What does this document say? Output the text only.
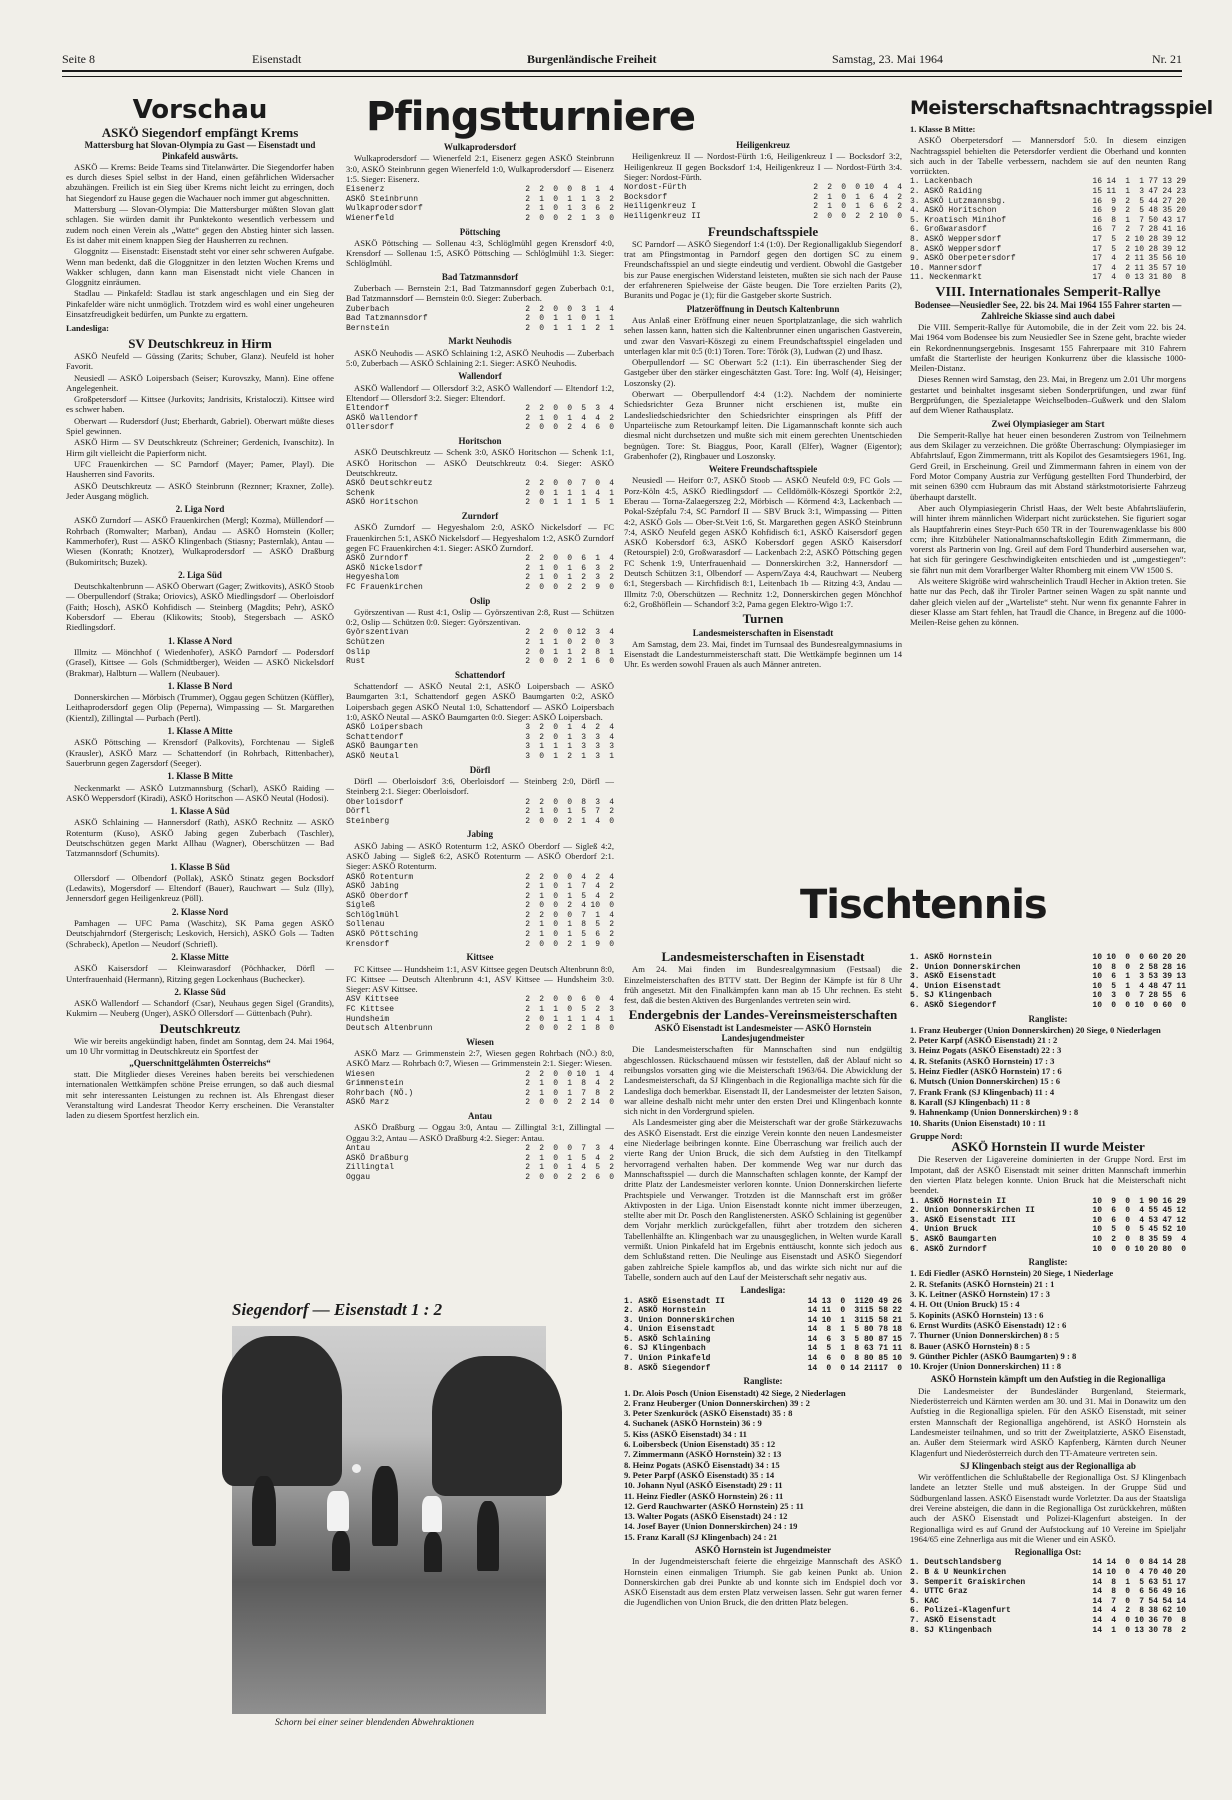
Seite 8	Eisenstadt	Burgenländische Freiheit	Samstag, 23. Mai 1964	Nr. 21
Vorschau
ASKÖ Siegendorf empfängt Krems

Mattersburg hat Slovan-Olympia zu Gast — Eisenstadt und Pinkafeld auswärts.

ASKÖ — Krems: Beide Teams sind Titelanwärter. Die Siegendorfer haben es durch dieses Spiel selbst in der Hand, einen gefährlichen Widersacher abzuhängen. Freilich ist ein Sieg über Krems nicht leicht zu erringen, doch hat Siegendorf zu Hause gegen die Wachauer noch immer gut abgeschnitten.

Mattersburg — Slovan-Olympia: Die Mattersburger müßten Slovan glatt schlagen. Sie würden damit ihr Punktekonto wesentlich verbessern und zudem noch einen Verein als „Watte“ gegen den Abstieg hinter sich lassen. Es ist daher mit einem knappen Sieg der Hausherren zu rechnen.

Gloggnitz — Eisenstadt: Eisenstadt steht vor einer sehr schweren Aufgabe. Wenn man bedenkt, daß die Gloggnitzer in den letzten Wochen Krems und Wakker schlugen, dann kann man Eisenstadt nicht viele Chancen in Gloggnitz einräumen.

Stadlau — Pinkafeld: Stadlau ist stark angeschlagen und ein Sieg der Pinkafelder wäre nicht unmöglich. Trotzdem wird es wohl einer ungeheuren Einsatzfreudigkeit bedürfen, um Punkte zu ergattern.

Landesliga:

SV Deutschkreuz in Hirm

ASKÖ Neufeld — Güssing (Zarits; Schuber, Glanz). Neufeld ist hoher Favorit.

Neusiedl — ASKÖ Loipersbach (Seiser; Kurovszky, Mann). Eine offene Angelegenheit.

Großpetersdorf — Kittsee (Jurkovits; Jandrisits, Kristaloczi). Kittsee wird es schwer haben.

Oberwart — Rudersdorf (Just; Eberhardt, Gabriel). Oberwart müßte dieses Spiel gewinnen.

ASKÖ Hirm — SV Deutschkreutz (Schreiner; Gerdenich, Ivanschitz). In Hirm gilt vielleicht die Papierform nicht.

UFC Frauenkirchen — SC Parndorf (Mayer; Pamer, Playl). Die Hausherren sind Favorits.

ASKÖ Deutschkreutz — ASKÖ Steinbrunn (Reznner; Kraxner, Zolle). Jeder Ausgang möglich.

2. Liga Nord

ASKÖ Zurndorf — ASKÖ Frauenkirchen (Mergl; Kozma), Müllendorf — Rohrbach (Romwalter; Marban), Andau — ASKÖ Hornstein (Koller; Kammerhofer), Rust — ASKÖ Klingenbach (Stiasny; Pasternlak), Antau — Wiesen (Konrath; Knotzer), Wulkaprodersdorf — ASKÖ Draßburg (Bukomiritsch; Buzek).

2. Liga Süd

Deutschkaltenbrunn — ASKÖ Oberwart (Gager; Zwitkovits), ASKÖ Stoob — Oberpullendorf (Straka; Oriovics), ASKÖ Miedlingsdorf — Oberloisdorf (Faith; Hosch), ASKÖ Kohfidisch — Steinberg (Magdits; Pehr), ASKÖ Kobersdorf — Eberau (Klikowits; Stoob), Stegersbach — ASKÖ Riedlingsdorf.

1. Klasse A Nord

Illmitz — Mönchhof ( Wiedenhofer), ASKÖ Parndorf — Podersdorf (Grasel), Kittsee — Gols (Schmidtberger), Weiden — ASKÖ Nickelsdorf (Brakmar), Halbturn — Wallern (Neubauer).

1. Klasse B Nord

Donnerskirchen — Mörbisch (Trummer), Oggau gegen Schützen (Küffler), Leithaprodersdorf gegen Olip (Peperna), Wimpassing — St. Margarethen (Kientzl), Zillingtal — Purbach (Pertl).

1. Klasse A Mitte

ASKÖ Pöttsching — Krensdorf (Palkovits), Forchtenau — Sigleß (Krausler), ASKÖ Marz — Schattendorf (in Rohrbach, Rittenbacher), Sauerbrunn gegen Zagersdorf (Seeger).

1. Klasse B Mitte

Neckenmarkt — ASKÖ Lutzmannsburg (Scharl), ASKÖ Raiding — ASKÖ Weppersdorf (Kiradi), ASKÖ Horitschon — ASKÖ Neutal (Hodosi).

1. Klasse A Süd

ASKÖ Schlaining — Hannersdorf (Rath), ASKÖ Rechnitz — ASKÖ Rotenturm (Kuso), ASKÖ Jabing gegen Zuberbach (Taschler), Deutschschützen gegen Markt Allhau (Wagner), Oberschützen — Bad Tatzmannsdorf (Schumits).

1. Klasse B Süd

Ollersdorf — Olbendorf (Pollak), ASKÖ Stinatz gegen Bocksdorf (Ledawits), Mogersdorf — Eltendorf (Bauer), Rauchwart — Sulz (Illy), Jennersdorf gegen Heiligenkreuz (Pöll).

2. Klasse Nord

Pamhagen — UFC Pama (Waschitz), SK Pama gegen ASKÖ Deutschjahrndorf (Stergerisch; Leskovich, Hersich), ASKÖ Gols — Tadten (Schrabeck), Apetlon — Neudorf (Schriefl).

2. Klasse Mitte

ASKÖ Kaisersdorf — Kleinwarasdorf (Pöchhacker, Dörfl — Unterfrauenhaid (Hermann), Ritzing gegen Lockenhaus (Buchecker).

2. Klasse Süd

ASKÖ Wallendorf — Schandorf (Csar), Neuhaus gegen Sigel (Grandits), Kukmirn — Neuberg (Unger), ASKÖ Ollersdorf — Güttenbach (Puhr).

Deutschkreutz

Wie wir bereits angekündigt haben, findet am Sonntag, dem 24. Mai 1964, um 10 Uhr vormittag in Deutschkreutz ein Sportfest der

„Querschnittgelähmten Österreichs“

statt. Die Mitglieder dieses Vereines haben bereits bei verschiedenen internationalen Wettkämpfen schöne Preise errungen, so daß auch diesmal mit sehr interessanten Leistungen zu rechnen ist. Als Ehrengast dieser Veranstaltung wird Landesrat Theodor Kerry erscheinen. Die Veranstalter laden zu diesem Sportfest herzlich ein.

Pfingstturniere
Wulkaprodersdorf

Wulkaprodersdorf — Wienerfeld 2:1, Eisenerz gegen ASKÖ Steinbrunn 3:0, ASKÖ Steinbrunn gegen Wienerfeld 1:0, Wulkaprodersdorf — Eisenerz 1:5. Sieger: Eisenerz.

Eisenerz	2	2	0	0	8	1	4
ASKÖ Steinbrunn	2	1	0	1	1	3	2
Wulkaprodersdorf	2	1	0	1	3	6	2
Wienerfeld	2	0	0	2	1	3	0
Pöttsching

ASKÖ Pöttsching — Sollenau 4:3, Schlöglmühl gegen Krensdorf 4:0, Krensdorf — Sollenau 1:5, ASKÖ Pöttsching — Schlöglmühl 1:3. Sieger: Schlöglmühl.

Bad Tatzmannsdorf

Zuberbach — Bernstein 2:1, Bad Tatzmannsdorf gegen Zuberbach 0:1, Bad Tatzmannsdorf — Bernstein 0:0. Sieger: Zuberbach.

Zuberbach	2	2	0	0	3	1	4
Bad Tatzmannsdorf	2	0	1	1	0	1	1
Bernstein	2	0	1	1	1	2	1
Markt Neuhodis

ASKÖ Neuhodis — ASKÖ Schlaining 1:2, ASKÖ Neuhodis — Zuberbach 5:0, Zuberbach — ASKÖ Schlaining 2:1. Sieger: ASKÖ Neuhodis.

Wallendorf

ASKÖ Wallendorf — Ollersdorf 3:2, ASKÖ Wallendorf — Eltendorf 1:2, Eltendorf — Ollersdorf 3:2. Sieger: Eltendorf.

Eltendorf	2	2	0	0	5	3	4
ASKÖ Wallendorf	2	1	0	1	4	4	2
Ollersdorf	2	0	0	2	4	6	0
Horitschon

ASKÖ Deutschkreutz — Schenk 3:0, ASKÖ Horitschon — Schenk 1:1, ASKÖ Horitschon — ASKÖ Deutschkreutz 0:4. Sieger: ASKÖ Deutschkreutz.

ASKÖ Deutschkreutz	2	2	0	0	7	0	4
Schenk	2	0	1	1	1	4	1
ASKÖ Horitschon	2	0	1	1	1	5	1
Zurndorf

ASKÖ Zurndorf — Hegyeshalom 2:0, ASKÖ Nickelsdorf — FC Frauenkirchen 5:1, ASKÖ Nickelsdorf — Hegyeshalom 1:2, ASKÖ Zurndorf gegen FC Frauenkirchen 4:1. Sieger: ASKÖ Zurndorf.

ASKÖ Zurndorf	2	2	0	0	6	1	4
ASKÖ Nickelsdorf	2	1	0	1	6	3	2
Hegyeshalom	2	1	0	1	2	3	2
FC Frauenkirchen	2	0	0	2	2	9	0
Oslip

Györszentivan — Rust 4:1, Oslip — Györszentivan 2:8, Rust — Schützen 0:2, Oslip — Schützen 0:0. Sieger: Györszentivan.

Györszentivan	2	2	0	0	12	3	4
Schützen	2	1	1	0	2	0	3
Oslip	2	0	1	1	2	8	1
Rust	2	0	0	2	1	6	0
Schattendorf

Schattendorf — ASKÖ Neutal 2:1, ASKÖ Loipersbach — ASKÖ Baumgarten 3:1, Schattendorf gegen ASKÖ Baumgarten 0:2, ASKÖ Loipersbach gegen ASKÖ Neutal 1:0, Schattendorf — ASKÖ Loipersbach 1:0, ASKÖ Neutal — ASKÖ Baumgarten 0:0. Sieger: ASKÖ Loipersbach.

ASKÖ Loipersbach	3	2	0	1	4	2	4
Schattendorf	3	2	0	1	3	3	4
ASKÖ Baumgarten	3	1	1	1	3	3	3
ASKÖ Neutal	3	0	1	2	1	3	1
Dörfl

Dörfl — Oberloisdorf 3:6, Oberloisdorf — Steinberg 2:0, Dörfl — Steinberg 2:1. Sieger: Oberloisdorf.

Oberloisdorf	2	2	0	0	8	3	4
Dörfl	2	1	0	1	5	7	2
Steinberg	2	0	0	2	1	4	0
Jabing

ASKÖ Jabing — ASKÖ Rotenturm 1:2, ASKÖ Oberdorf — Sigleß 4:2, ASKÖ Jabing — Sigleß 6:2, ASKÖ Rotenturm — ASKÖ Oberdorf 2:1. Sieger: ASKÖ Rotenturm.

ASKÖ Rotenturm	2	2	0	0	4	2	4
ASKÖ Jabing	2	1	0	1	7	4	2
ASKÖ Oberdorf	2	1	0	1	5	4	2
Sigleß	2	0	0	2	4	10	0
Schlöglmühl	2	2	0	0	7	1	4
Sollenau	2	1	0	1	8	5	2
ASKÖ Pöttsching	2	1	0	1	5	6	2
Krensdorf	2	0	0	2	1	9	0
Kittsee

FC Kittsee — Hundsheim 1:1, ASV Kittsee gegen Deutsch Altenbrunn 8:0, FC Kittsee — Deutsch Altenbrunn 4:1, ASV Kittsee — Hundsheim 3:0. Sieger: ASV Kittsee.

ASV Kittsee	2	2	0	0	6	0	4
FC Kittsee	2	1	1	0	5	2	3
Hundsheim	2	0	1	1	1	4	1
Deutsch Altenbrunn	2	0	0	2	1	8	0
Wiesen

ASKÖ Marz — Grimmenstein 2:7, Wiesen gegen Rohrbach (NÖ.) 8:0, ASKÖ Marz — Rohrbach 0:7, Wiesen — Grimmenstein 2:1. Sieger: Wiesen.

Wiesen	2	2	0	0	10	1	4
Grimmenstein	2	1	0	1	8	4	2
Rohrbach (NÖ.)	2	1	0	1	7	8	2
ASKÖ Marz	2	0	0	2	2	14	0
Antau

ASKÖ Draßburg — Oggau 3:0, Antau — Zillingtal 3:1, Zillingtal — Oggau 3:2, Antau — ASKÖ Draßburg 4:2. Sieger: Antau.

Antau	2	2	0	0	7	3	4
ASKÖ Draßburg	2	1	0	1	5	4	2
Zillingtal	2	1	0	1	4	5	2
Oggau	2	0	0	2	2	6	0
Heiligenkreuz

Heiligenkreuz II — Nordost-Fürth 1:6, Heiligenkreuz I — Bocksdorf 3:2, Heiligenkreuz II gegen Bocksdorf 1:4, Heiligenkreuz I — Nordost-Fürth 3:4. Sieger: Nordost-Fürth.

Nordost-Fürth	2	2	0	0	10	4	4
Bocksdorf	2	1	0	1	6	4	2
Heiligenkreuz I	2	1	0	1	6	6	2
Heiligenkreuz II	2	0	0	2	2	10	0
Freundschaftsspiele

SC Parndorf — ASKÖ Siegendorf 1:4 (1:0). Der Regionalligaklub Siegendorf trat am Pfingstmontag in Parndorf gegen den dortigen SC zu einem Freundschaftsspiel an und siegte eindeutig und verdient. Obwohl die Gastgeber bis zur Pause energischen Widerstand leisteten, mußten sie sich nach der Pause der erfahreneren Spielweise der Gäste beugen. Die Tore erzielten Parits (2), Buranits und Pogac je (1); für die Gastgeber skorte Sustrich.

Platzeröffnung in Deutsch Kaltenbrunn

Aus Anlaß einer Eröffnung einer neuen Sportplatzanlage, die sich wahrlich sehen lassen kann, hatten sich die Kaltenbrunner einen ungarischen Gastverein, und zwar den Vasvari-Köszegi zu einem Freundschaftsspiel eingeladen und unterlagen klar mit 0:5 (0:1) Toren. Tore: Török (3), Ludwan (2) und Ihasz.

Oberpullendorf — SC Oberwart 5:2 (1:1). Ein überraschender Sieg der Gastgeber über den stärker eingeschätzten Gast. Tore: Ing. Wolf (4), Heisinger; Loszonsky (2).

Oberwart — Oberpullendorf 4:4 (1:2). Nachdem der nominierte Schiedsrichter Geza Brunner nicht erschienen ist, mußte ein Landesliedschiedsrichter den Schiedsrichter einspringen als Pfiff der Unparteiische zum Retourkampf leiten. Die Ligamannschaft konnte sich auch diesmal nicht durchsetzen und mußte sich mit einem gerechten Unentschieden begnügen. Tore: St. Biaggus, Poor, Karall (Elfer), Wagner (Eigentor); Grabenhofer (2), Ringbauer und Loszonsky.

Weitere Freundschaftsspiele

Neusiedl — Heiforr 0:7, ASKÖ Stoob — ASKÖ Neufeld 0:9, FC Gols — Porz-Köln 4:5, ASKÖ Riedlingsdorf — Celldömölk-Köszegi Sportkör 2:2, Eberau — Torna-Zalaegerszeg 2:2, Mörbisch — Körmend 4:3, Lackenbach — Pokal-Szépfalu 7:4, SC Parndorf II — SBV Bruck 3:1, Wimpassing — Pitten 4:2, ASKÖ Gols — Ober-St.Veit 1:6, St. Margarethen gegen ASKÖ Steinbrunn 7:4, ASKÖ Neufeld gegen ASKÖ Kohfidisch 6:1, ASKÖ Kaisersdorf gegen ASKÖ Kobersdorf 6:3, ASKÖ Kobersdorf gegen ASKÖ Kaisersdorf (Retourspiel) 2:0, Großwarasdorf — Lackenbach 2:2, ASKÖ Pöttsching gegen FC Schenk 1:9, Unterfrauenhaid — Donnerskirchen 3:2, Hannersdorf — Deutsch Schützen 3:1, Olbendorf — Aspern/Zaya 4:4, Rauchwart — Neuberg 6:1, Stegersbach — Kirchfidisch 8:1, Leitenbach 1b — Ritzing 4:3, Andau — Illmitz 7:0, Oberschützen — Rechnitz 1:2, Donnerskirchen gegen Mönchhof 6:2, Großhöflein — Schandorf 3:2, Pama gegen Elektro-Wigo 1:7.

Turnen
Landesmeisterschaften in Eisenstadt

Am Samstag, dem 23. Mai, findet im Turnsaal des Bundesrealgymnasiums in Eisenstadt die Landesturnmeisterschaft statt. Die Wettkämpfe beginnen um 14 Uhr. Es werden sowohl Frauen als auch Männer antreten.

Meisterschaftsnachtragsspiel

1. Klasse B Mitte:

ASKÖ Oberpetersdorf — Mannersdorf 5:0. In diesem einzigen Nachtragsspiel behielten die Petersdorfer verdient die Oberhand und konnten sich auch in der Tabelle verbessern, nachdem sie auf den neunten Rang vorrückten.

1. Lackenbach	16	14	1	1	77	13	29
2. ASKÖ Raiding	15	11	1	3	47	24	23
3. ASKÖ Lutzmannsbg.	16	9	2	5	44	27	20
4. ASKÖ Horitschon	16	9	2	5	48	35	20
5. Kroatisch Minihof	16	8	1	7	50	43	17
6. Großwarasdorf	16	7	2	7	28	41	16
8. ASKÖ Weppersdorf	17	5	2	10	28	39	12
8. ASKÖ Weppersdorf	17	5	2	10	28	39	12
9. ASKÖ Oberpetersdorf	17	4	2	11	35	56	10
10. Mannersdorf	17	4	2	11	35	57	10
11. Neckenmarkt	17	4	0	13	31	80	8
VIII. Internationales Semperit-Rallye

Bodensee—Neusiedler See, 22. bis 24. Mai 1964 155 Fahrer starten — Zahlreiche Skiasse sind auch dabei

Die VIII. Semperit-Rallye für Automobile, die in der Zeit vom 22. bis 24. Mai 1964 vom Bodensee bis zum Neusiedler See in Szene geht, brachte wieder ein Rekordnennungsergebnis. Insgesamt 155 Fahrerpaare mit 310 Fahrern umfaßt die Starterliste der heurigen Konkurrenz über die klassische 1000-Meilen-Distanz.

Dieses Rennen wird Samstag, den 23. Mai, in Bregenz um 2.01 Uhr morgens gestartet und beinhaltet insgesamt sieben Sonderprüfungen, und zwar fünf Bergprüfungen, die Spezialetappe Weichselboden–Gußwerk und den Slalom auf dem Wiener Rathausplatz.

Zwei Olympiasieger am Start

Die Semperit-Rallye hat heuer einen besonderen Zustrom von Teilnehmern aus dem Skilager zu verzeichnen. Die größte Überraschung: Olympiasieger im Abfahrtslauf, Egon Zimmermann, tritt als Kopilot des Gesamtsiegers 1961, Ing. Gerd Greil, in Erscheinung. Greil und Zimmermann fahren in einem von der Ford Motor Company Austria zur Verfügung gestellten Ford Thunderbird, der mit seinen 6390 ccm Hubraum das mit Abstand stärkstmotorisierte Fahrzeug überhaupt darstellt.

Aber auch Olympiasiegerin Christl Haas, der Welt beste Abfahrtsläuferin, will hinter ihrem männlichen Widerpart nicht zurückstehen. Sie figuriert sogar als Hauptfahrerin eines Steyr-Puch 650 TR in der Tourenwagenklasse bis 800 ccm; ihre Kitzbüheler Nationalmannschaftskollegin Edith Zimmermann, die vorerst als Partnerin von Ing. Greil auf dem Ford Thunderbird ausersehen war, hat sich für geringere Geschwindigkeiten entschieden und ist „umgestiegen“: sie fährt nun mit dem Vorarlberger Walter Rhomberg mit einem VW 1500 S.

Als weitere Skigröße wird wahrscheinlich Traudl Hecher in Aktion treten. Sie hatte nur das Pech, daß ihr Tiroler Partner seinen Wagen zu spät nannte und daher gleich vielen auf der „Warteliste“ steht. Nur wenn fix genannte Fahrer in dieser Klasse am Start fehlen, hat Traudl die Chance, in Bregenz auf die 1000-Meilen-Reise gehen zu können.

Tischtennis
Landesmeisterschaften in Eisenstadt

Am 24. Mai finden im Bundesrealgymnasium (Festsaal) die Einzelmeisterschaften des BTTV statt. Der Beginn der Kämpfe ist für 8 Uhr früh angesetzt. Mit den Finalkämpfen kann man ab 15 Uhr rechnen. Es steht fest, daß die besten Aktiven des Burgenlandes vertreten sein wird.

Endergebnis der Landes-Vereinsmeisterschaften

ASKÖ Eisenstadt ist Landesmeister — ASKÖ Hornstein Landesjugendmeister

Die Landesmeisterschaften für Mannschaften sind nun endgültig abgeschlossen. Rückschauend müssen wir feststellen, daß der Ablauf nicht so reibungslos vorsatten ging wie die Meisterschaft 1963/64. Die Abwicklung der Landesmeisterschaft, da SJ Klingenbach in die Regionalliga machte sich für die Landesliga doch bemerkbar. Eisenstadt II, der Landesmeister der letzten Saison, war alleine deshalb nicht mehr unter den ersten Drei und Klingenbach konnte sich nicht in den Vordergrund spielen.

Als Landesmeister ging aber die Meisterschaft war der große Stärkezuwachs des ASKÖ Eisenstadt. Erst die einzige Verein konnte den neuen Landesmeister eine Niederlage beibringen konnte. Eine Überraschung war freilich auch der vierte Rang der Union Bruck, die sich dem Aufstieg in den Titelkampf hervorragend verhalten haben. Der kommende Weg war nur durch das Mannschaftsspiel — durch die Mannschaften schlagen konnte, der Kampf der dritte Platz der Landesmeister verloren konnte. Union Donnerskirchen lieferte Prachtspiele und Verwanger. Trotzden ist die Mannschaft erst im größer Aktivposten in der Liga. Union Eisenstadt konnte nicht immer überzeugen, stellte aber mit Dr. Posch den Ranglistenersten. ASKÖ Schlaining ist gegenüber dem Vorjahr merklich zurückgefallen, führt aber trotzdem den sicheren Tabellenhälfte an. Klingenbach war zu unausgeglichen, in Welten wurde Karall vermißt. Union Pinkafeld hat im Ergebnis enttäuscht, konnte sich jedoch aus dem Schlußstand retten. Die Neulinge aus Eisenstadt und ASKÖ Siegendorf gaben zahlreiche Spiele kampflos ab, und das wirkte sich nicht nur auf die Tabelle, sondern auch auf den Lauf der Meisterschaft sehr negativ aus.

Landesliga:
1. ASKÖ Eisenstadt II	14	13	0	1	120	49	26
2. ASKÖ Hornstein	14	11	0	3	115	58	22
3. Union Donnerskirchen	14	10	1	3	115	58	21
4. Union Eisenstadt	14	8	1	5	80	78	18
5. ASKÖ Schlaining	14	6	3	5	80	87	15
6. SJ Klingenbach	14	5	1	8	63	71	11
7. Union Pinkafeld	14	6	0	8	80	85	10
8. ASKÖ Siegendorf	14	0	0	14	21	117	0
Rangliste:
1. Dr. Alois Posch (Union Eisenstadt) 42 Siege, 2 Niederlagen
2. Franz Heuberger (Union Donnerskirchen) 39 : 2
3. Peter Szenkuröck (ASKÖ Eisenstadt) 35 : 8
4. Suchanek (ASKÖ Hornstein) 36 : 9
5. Kiss (ASKÖ Eisenstadt) 34 : 11
6. Loibersbeck (Union Eisenstadt) 35 : 12
7. Zimmermann (ASKÖ Hornstein) 32 : 13
8. Heinz Pogats (ASKÖ Eisenstadt) 34 : 15
9. Peter Parpf (ASKÖ Eisenstadt) 35 : 14
10. Johann Nyul (ASKÖ Eisenstadt) 29 : 11
11. Heinz Fiedler (ASKÖ Hornstein) 26 : 11
12. Gerd Rauchwarter (ASKÖ Hornstein) 25 : 11
13. Walter Pogats (ASKÖ Eisenstadt) 24 : 12
14. Josef Bayer (Union Donnerskirchen) 24 : 19
15. Franz Karall (SJ Klingenbach) 24 : 21
ASKÖ Hornstein ist Jugendmeister

In der Jugendmeisterschaft feierte die ehrgeizige Mannschaft des ASKÖ Hornstein einen einmaligen Triumph. Sie gab keinen Punkt ab. Union Donnerskirchen gab drei Punkte ab und konnte sich im Endspiel doch vor ASKÖ Eisenstadt aus dem ersten Platz verweisen lassen. Sehr gut waren ferner die Jugendlichen von Union Bruck, die den dritten Platz belegen.

1. ASKÖ Hornstein	10	10	0	0	60	20	20
2. Union Donnerskirchen	10	8	0	2	58	28	16
3. ASKÖ Eisenstadt	10	6	1	3	53	39	13
4. Union Eisenstadt	10	5	1	4	48	47	11
5. SJ Klingenbach	10	3	0	7	28	55	6
6. ASKÖ Siegendorf	10	0	0	10	0	60	0
Rangliste:
1. Franz Heuberger (Union Donnerskirchen) 20 Siege, 0 Niederlagen
2. Peter Karpf (ASKÖ Eisenstadt) 21 : 2
3. Heinz Pogats (ASKÖ Eisenstadt) 22 : 3
4. R. Stefanits (ASKÖ Hornstein) 17 : 3
5. Heinz Fiedler (ASKÖ Hornstein) 17 : 6
6. Mutsch (Union Donnerskirchen) 15 : 6
7. Frank Frank (SJ Klingenbach) 11 : 4
8. Karall (SJ Klingenbach) 11 : 8
9. Hahnenkamp (Union Donnerskirchen) 9 : 8
10. Sharits (Union Eisenstadt) 10 : 11

Gruppe Nord:

ASKÖ Hornstein II wurde Meister

Die Reserven der Ligavereine dominierten in der Gruppe Nord. Erst im Impotant, daß der ASKÖ Eisenstadt mit seiner dritten Mannschaft immerhin den vierten Platz belegen konnte. Union Bruck hat die Meisterschaft nicht beendet.

1. ASKÖ Hornstein II	10	9	0	1	90	16	29
2. Union Donnerskirchen II	10	6	0	4	55	45	12
3. ASKÖ Eisenstadt III	10	6	0	4	53	47	12
4. Union Bruck	10	5	0	5	45	52	10
5. ASKÖ Baumgarten	10	2	0	8	35	59	4
6. ASKÖ Zurndorf	10	0	0	10	20	80	0
Rangliste:
1. Edi Fiedler (ASKÖ Hornstein) 20 Siege, 1 Niederlage
2. R. Stefanits (ASKÖ Hornstein) 21 : 1
3. K. Leitner (ASKÖ Hornstein) 17 : 3
4. H. Ott (Union Bruck) 15 : 4
5. Kopinits (ASKÖ Hornstein) 13 : 6
6. Ernst Wurdits (ASKÖ Eisenstadt) 12 : 6
7. Thurner (Union Donnerskirchen) 8 : 5
8. Bauer (ASKÖ Hornstein) 8 : 5
9. Günther Pichler (ASKÖ Baumgarten) 9 : 8
10. Krojer (Union Donnerskirchen) 11 : 8
ASKÖ Hornstein kämpft um den Aufstieg in die Regionalliga

Die Landesmeister der Bundesländer Burgenland, Steiermark, Niederösterreich und Kärnten werden am 30. und 31. Mai in Donawitz um den Aufstieg in die Regionalliga spielen. Für den ASKÖ Eisenstadt, mit seiner ersten Mannschaft der Regionalliga angehörend, ist ASKÖ Hornstein als Landesmeister teilnahmen, und so tritt der Zweitplatzierte, ASKÖ Eisenstadt, an. Außer dem Steiermark wird ASKÖ Kapfenberg, Kärnten durch Neuner Klagenfurt und Niederösterreich durch den TT-Amateure vertreten sein.

SJ Klingenbach steigt aus der Regionalliga ab

Wir veröffentlichen die Schlußtabelle der Regionalliga Ost. SJ Klingenbach landete an letzter Stelle und muß absteigen. In der Gruppe Süd und Südburgenland lassen. ASKÖ Eisenstadt wurde Vorletzter. Da aus der Staatsliga drei Vereine absteigen, die dann in die Regionalliga Ost zurückkehren, müßten auch der ASKÖ Eisenstadt und Polizei-Klagenfurt absteigen. In der Regionalliga wird es auf Grund der Aufstockung auf 10 Vereine im Spieljahr 1964/65 eine Zehnerliga aus mit die Wiener und ein ASKÖ.

Regionalliga Ost:
1. Deutschlandsberg	14	14	0	0	84	14	28
2. B & U Neunkirchen	14	10	0	4	70	40	20
3. Semperit Graiskirchen	14	8	1	5	63	51	17
4. UTTC Graz	14	8	0	6	56	49	16
5. KAC	14	7	0	7	54	54	14
6. Polizei-Klagenfurt	14	4	2	8	38	62	10
7. ASKÖ Eisenstadt	14	4	0	10	36	70	8
8. SJ Klingenbach	14	1	0	13	30	78	2
Siegendorf — Eisenstadt 1 : 2
Schorn bei einer seiner blendenden Abwehraktionen
